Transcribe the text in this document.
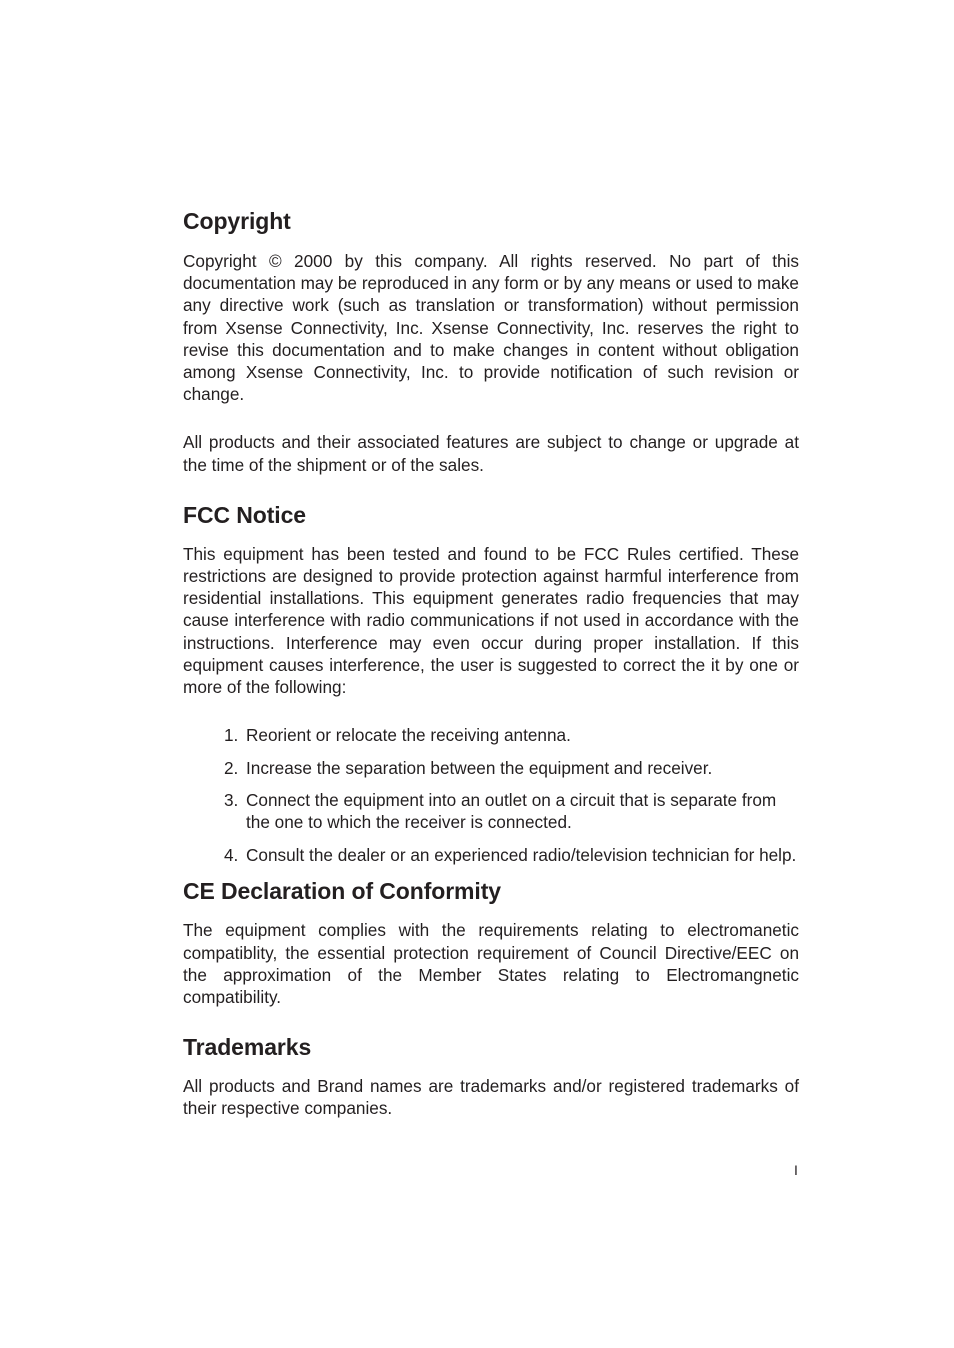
Copyright

Copyright © 2000 by this company. All rights reserved. No part of this documentation may be reproduced in any form or by any means or used to make any directive work (such as translation or transformation) without permission from Xsense Connectivity, Inc. Xsense Connectivity, Inc. reserves the right to revise this documentation and to make changes in content without obligation among Xsense Connectivity, Inc. to provide notification of such revision or change.

All products and their associated features are subject to change or upgrade at the time of the shipment or of the sales.

FCC Notice

This equipment has been tested and found to be FCC Rules certified. These restrictions are designed to provide protection against harmful interference from residential installations. This equipment generates radio frequencies that may cause interference with radio communications if not used in accordance with the instructions. Interference may even occur during proper installation. If this equipment causes interference, the user is suggested to correct the it by one or more of the following:

1. Reorient or relocate the receiving antenna.
2. Increase the separation between the equipment and receiver.
3. Connect the equipment into an outlet on a circuit that is separate from the one to which the receiver is connected.
4. Consult the dealer or an experienced radio/television technician for help.
CE Declaration of Conformity

The equipment complies with the requirements relating to electromanetic compatiblity, the essential protection requirement of Council Directive/EEC on the approximation of the Member States relating to Electromangnetic compatibility.

Trademarks

All products and Brand names are trademarks and/or registered trademarks of their respective companies.

I
